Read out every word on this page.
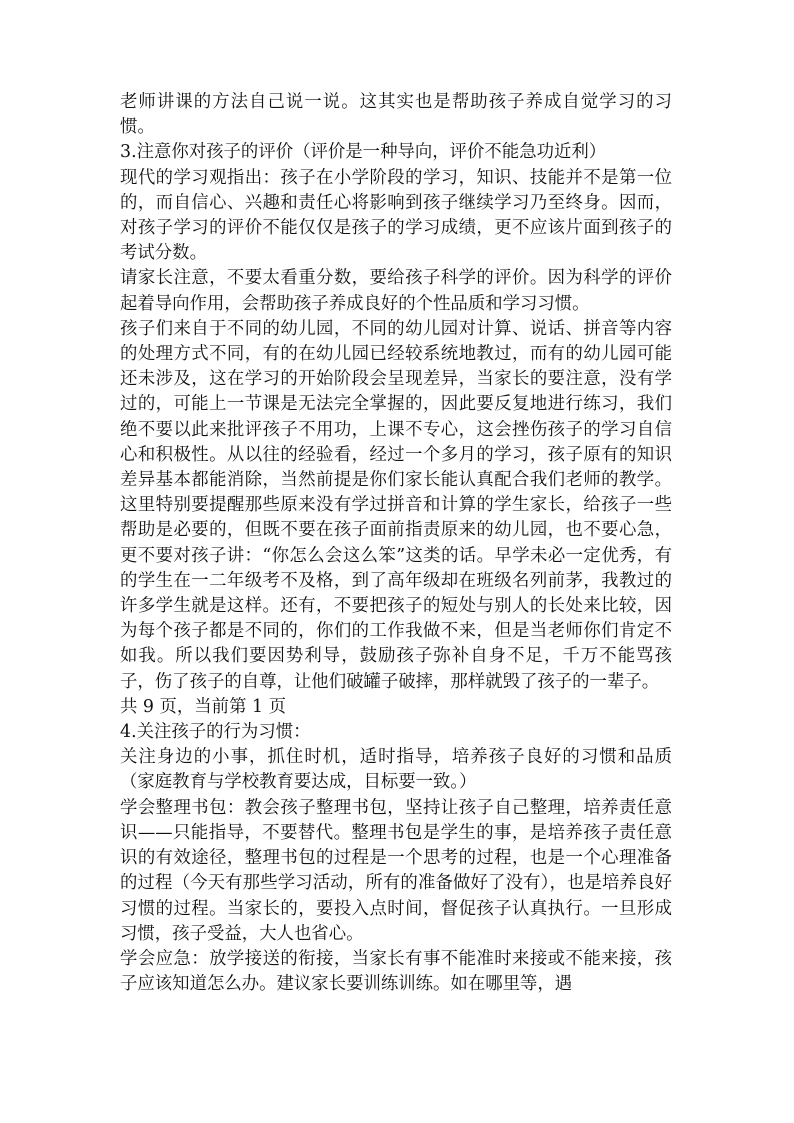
老师讲课的方法自己说一说。这其实也是帮助孩子养成自觉学习的习惯。

3.注意你对孩子的评价（评价是一种导向，评价不能急功近利）

现代的学习观指出：孩子在小学阶段的学习，知识、技能并不是第一位的，而自信心、兴趣和责任心将影响到孩子继续学习乃至终身。因而，对孩子学习的评价不能仅仅是孩子的学习成绩，更不应该片面到孩子的考试分数。

请家长注意，不要太看重分数，要给孩子科学的评价。因为科学的评价起着导向作用，会帮助孩子养成良好的个性品质和学习习惯。

孩子们来自于不同的幼儿园，不同的幼儿园对计算、说话、拼音等内容的处理方式不同，有的在幼儿园已经较系统地教过，而有的幼儿园可能还未涉及，这在学习的开始阶段会呈现差异，当家长的要注意，没有学过的，可能上一节课是无法完全掌握的，因此要反复地进行练习，我们绝不要以此来批评孩子不用功，上课不专心，这会挫伤孩子的学习自信心和积极性。从以往的经验看，经过一个多月的学习，孩子原有的知识差异基本都能消除，当然前提是你们家长能认真配合我们老师的教学。这里特别要提醒那些原来没有学过拼音和计算的学生家长，给孩子一些帮助是必要的，但既不要在孩子面前指责原来的幼儿园，也不要心急，更不要对孩子讲：“你怎么会这么笨”这类的话。早学未必一定优秀，有的学生在一二年级考不及格，到了高年级却在班级名列前茅，我教过的许多学生就是这样。还有，不要把孩子的短处与别人的长处来比较，因为每个孩子都是不同的，你们的工作我做不来，但是当老师你们肯定不如我。所以我们要因势利导，鼓励孩子弥补自身不足，千万不能骂孩子，伤了孩子的自尊，让他们破罐子破摔，那样就毁了孩子的一辈子。

共 9 页，当前第 1 页

4.关注孩子的行为习惯：

关注身边的小事，抓住时机，适时指导，培养孩子良好的习惯和品质（家庭教育与学校教育要达成，目标要一致。）

学会整理书包：教会孩子整理书包，坚持让孩子自己整理，培养责任意识——只能指导，不要替代。整理书包是学生的事，是培养孩子责任意识的有效途径，整理书包的过程是一个思考的过程，也是一个心理准备的过程（今天有那些学习活动，所有的准备做好了没有），也是培养良好习惯的过程。当家长的，要投入点时间，督促孩子认真执行。一旦形成习惯，孩子受益，大人也省心。

学会应急：放学接送的衔接，当家长有事不能准时来接或不能来接，孩子应该知道怎么办。建议家长要训练训练。如在哪里等，遇
